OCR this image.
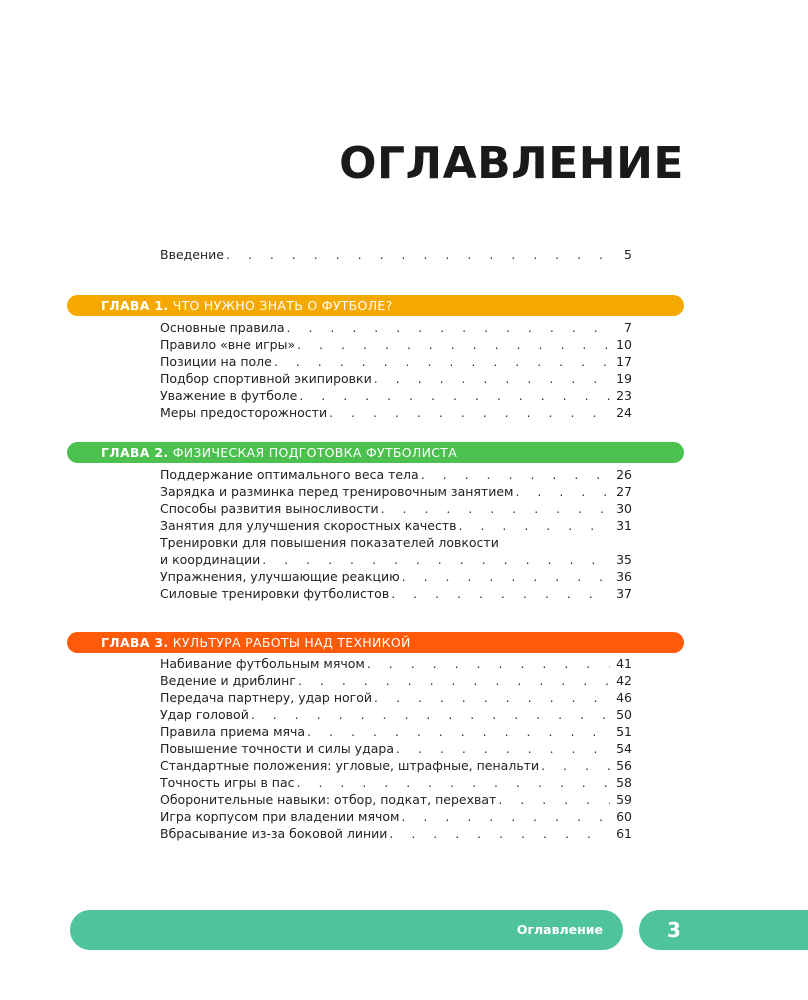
ОГЛАВЛЕНИЕ
Введение . . .	5
ГЛАВА 1. ЧТО НУЖНО ЗНАТЬ О ФУТБОЛЕ?
Основные правила . . .	7
Правило «вне игры» . . .	10
Позиции на поле . . .	17
Подбор спортивной экипировки . . .	19
Уважение в футболе . . .	23
Меры предосторожности . . .	24
ГЛАВА 2. ФИЗИЧЕСКАЯ ПОДГОТОВКА ФУТБОЛИСТА
Поддержание оптимального веса тела . . .	26
Зарядка и разминка перед тренировочным занятием . . .	27
Способы развития выносливости . . .	30
Занятия для улучшения скоростных качеств . . .	31
Тренировки для повышения показателей ловкости
и координации . . .	35
Упражнения, улучшающие реакцию . . .	36
Силовые тренировки футболистов . . .	37
ГЛАВА 3. КУЛЬТУРА РАБОТЫ НАД ТЕХНИКОЙ
Набивание футбольным мячом . . .	41
Ведение и дриблинг . . .	42
Передача партнеру, удар ногой . . .	46
Удар головой . . .	50
Правила приема мяча . . .	51
Повышение точности и силы удара . . .	54
Стандартные положения: угловые, штрафные, пенальти . . .	56
Точность игры в пас . . .	58
Оборонительные навыки: отбор, подкат, перехват . . .	59
Игра корпусом при владении мячом . . .	60
Вбрасывание из-за боковой линии . . .	61
Оглавление	3
